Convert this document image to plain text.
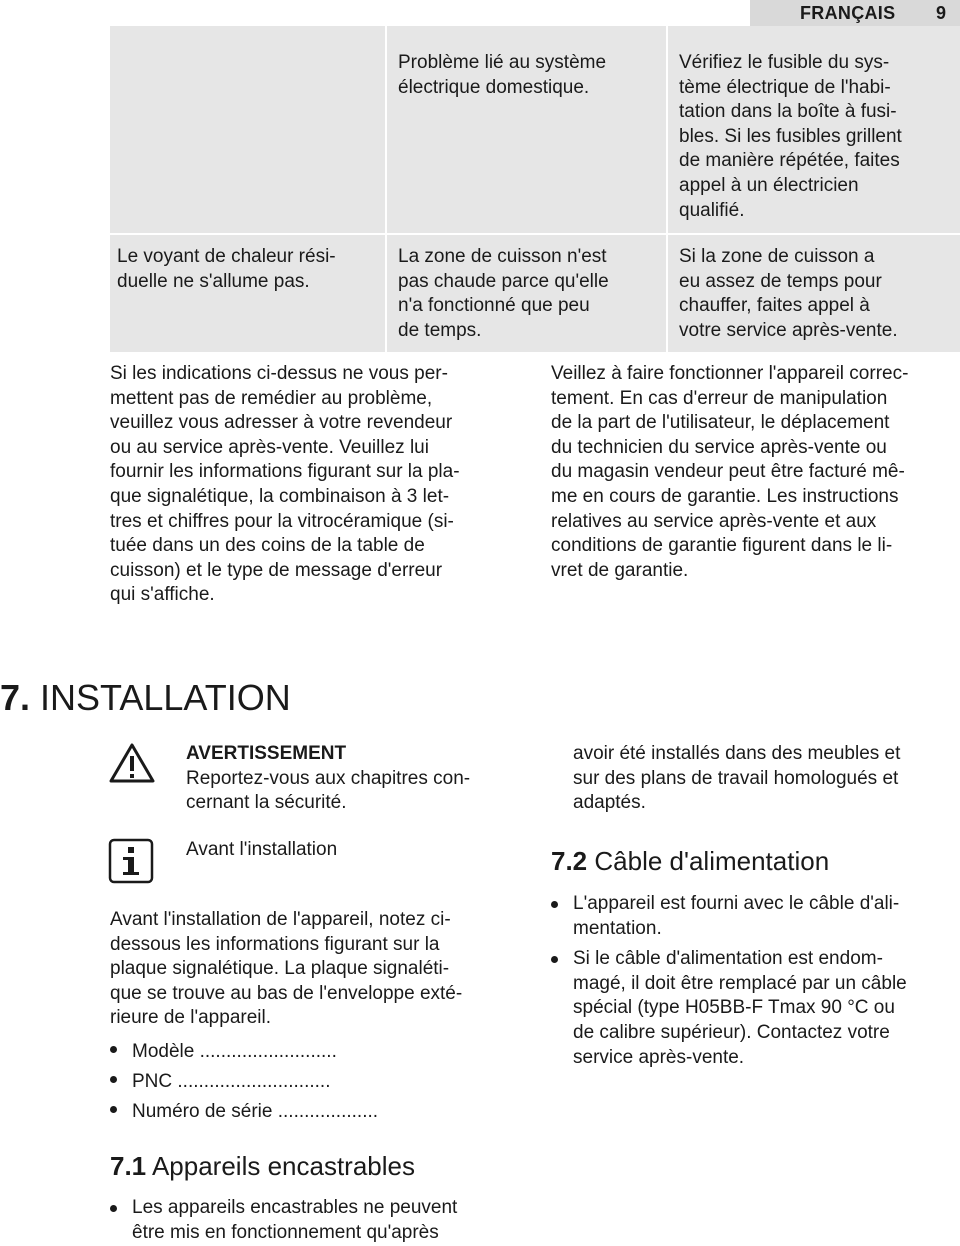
FRANÇAIS 9
Problème lié au système
électrique domestique.
Vérifiez le fusible du sys-
tème électrique de l'habi-
tation dans la boîte à fusi-
bles. Si les fusibles grillent
de manière répétée, faites
appel à un électricien
qualifié.
Le voyant de chaleur rési-
duelle ne s'allume pas.
La zone de cuisson n'est
pas chaude parce qu'elle
n'a fonctionné que peu
de temps.
Si la zone de cuisson a
eu assez de temps pour
chauffer, faites appel à
votre service après-vente.
Si les indications ci-dessus ne vous per-
mettent pas de remédier au problème,
veuillez vous adresser à votre revendeur
ou au service après-vente. Veuillez lui
fournir les informations figurant sur la pla-
que signalétique, la combinaison à 3 let-
tres et chiffres pour la vitrocéramique (si-
tuée dans un des coins de la table de
cuisson) et le type de message d'erreur
qui s'affiche.
Veillez à faire fonctionner l'appareil correc-
tement. En cas d'erreur de manipulation
de la part de l'utilisateur, le déplacement
du technicien du service après-vente ou
du magasin vendeur peut être facturé mê-
me en cours de garantie. Les instructions
relatives au service après-vente et aux
conditions de garantie figurent dans le li-
vret de garantie.
7. INSTALLATION
AVERTISSEMENT
Reportez-vous aux chapitres con-
cernant la sécurité.
Avant l'installation
Avant l'installation de l'appareil, notez ci-
dessous les informations figurant sur la
plaque signalétique. La plaque signaléti-
que se trouve au bas de l'enveloppe exté-
rieure de l'appareil.
Modèle ..........................
PNC .............................
Numéro de série ...................
7.1 Appareils encastrables
Les appareils encastrables ne peuvent
être mis en fonctionnement qu'après
avoir été installés dans des meubles et
sur des plans de travail homologués et
adaptés.
7.2 Câble d'alimentation
L'appareil est fourni avec le câble d'ali-
mentation.
Si le câble d'alimentation est endom-
magé, il doit être remplacé par un câble
spécial (type H05BB-F Tmax 90 °C ou
de calibre supérieur). Contactez votre
service après-vente.
